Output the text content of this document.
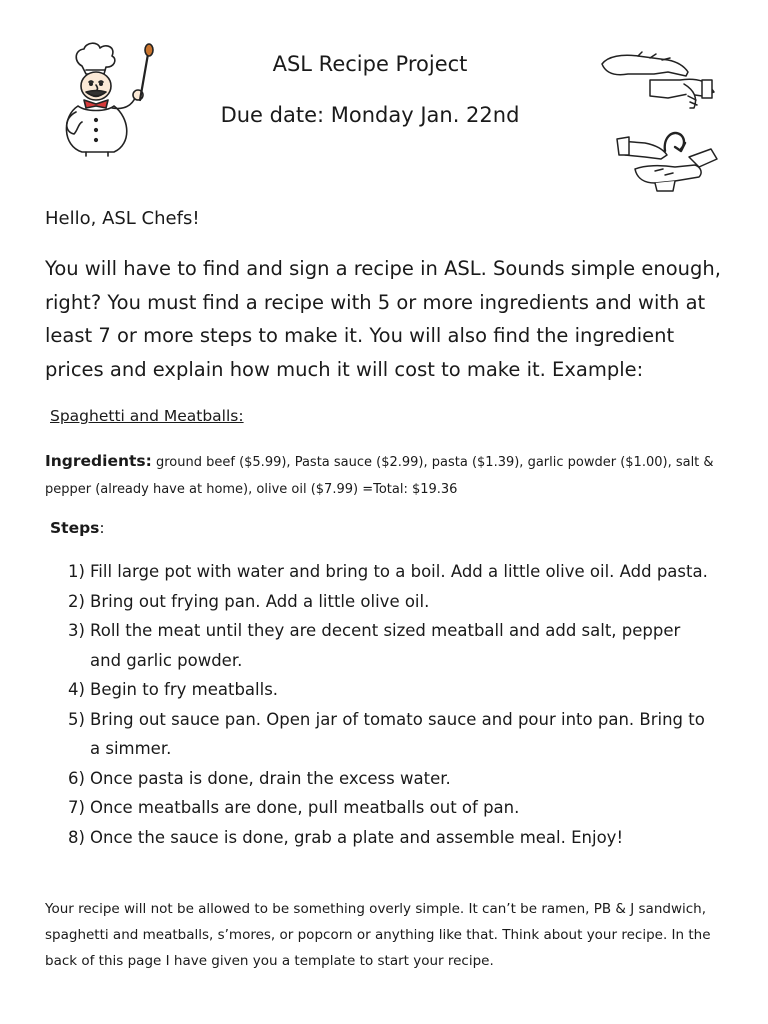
ASL Recipe Project
Due date: Monday Jan. 22nd
Hello, ASL Chefs!
You will have to find and sign a recipe in ASL. Sounds simple enough, right? You must find a recipe with 5 or more ingredients and with at least 7 or more steps to make it. You will also find the ingredient prices and explain how much it will cost to make it. Example:
Spaghetti and Meatballs:
Ingredients: ground beef ($5.99), Pasta sauce ($2.99), pasta ($1.39), garlic powder ($1.00), salt & pepper (already have at home), olive oil ($7.99) =Total: $19.36
Steps:
1) Fill large pot with water and bring to a boil. Add a little olive oil. Add pasta.
2) Bring out frying pan. Add a little olive oil.
3) Roll the meat until they are decent sized meatball and add salt, pepper and garlic powder.
4) Begin to fry meatballs.
5) Bring out sauce pan. Open jar of tomato sauce and pour into pan. Bring to a simmer.
6) Once pasta is done, drain the excess water.
7) Once meatballs are done, pull meatballs out of pan.
8) Once the sauce is done, grab a plate and assemble meal. Enjoy!
Your recipe will not be allowed to be something overly simple. It can’t be ramen, PB & J sandwich, spaghetti and meatballs, s’mores, or popcorn or anything like that. Think about your recipe. In the back of this page I have given you a template to start your recipe.
